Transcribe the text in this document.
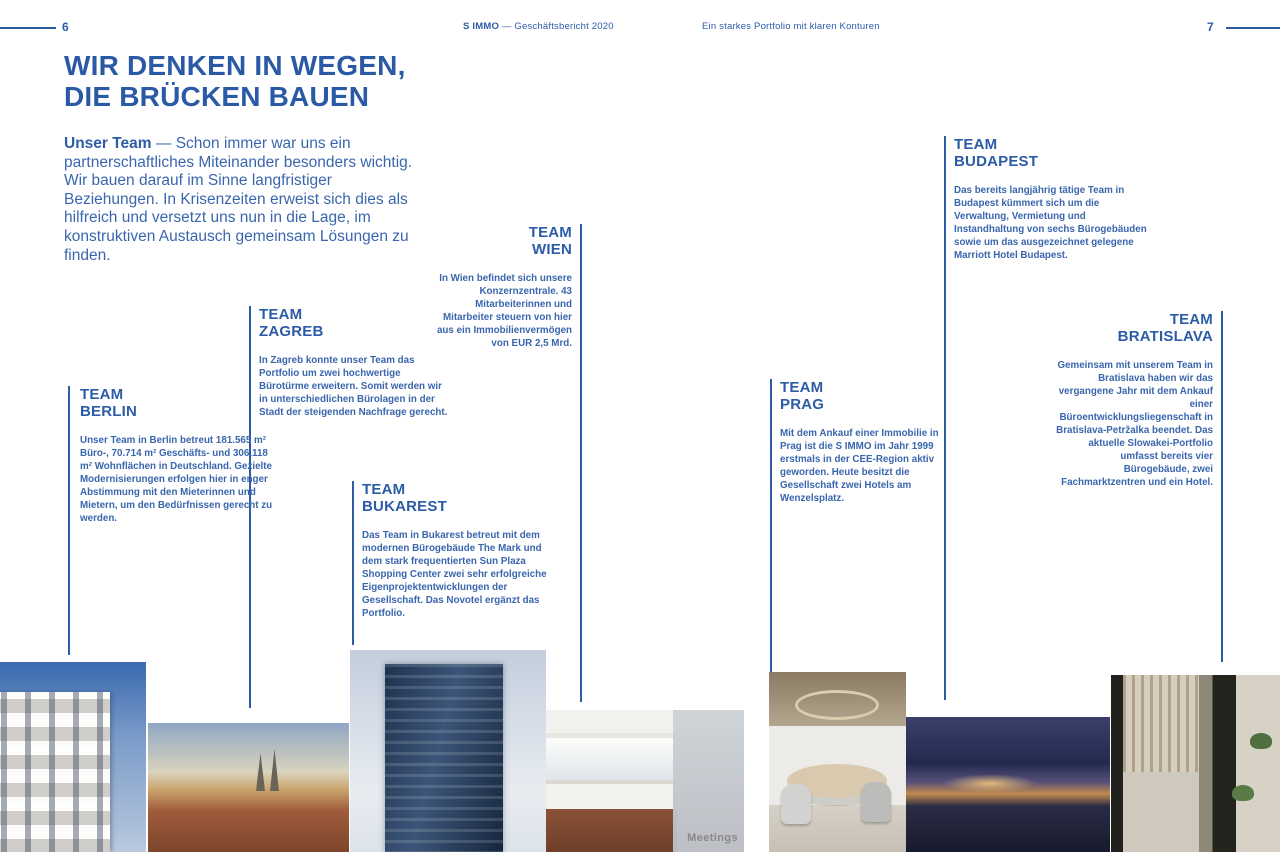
6	S IMMO — Geschäftsbericht 2020	Ein starkes Portfolio mit klaren Konturen	7
WIR DENKEN IN WEGEN,
DIE BRÜCKEN BAUEN

Unser Team — Schon immer war uns ein partnerschaftliches Miteinander besonders wichtig. Wir bauen darauf im Sinne langfristiger Beziehungen. In Krisenzeiten erweist sich dies als hilfreich und versetzt uns nun in die Lage, im konstruktiven Austausch gemeinsam Lösungen zu finden.

TEAM
BERLIN

Unser Team in Berlin betreut 181.565 m² Büro-, 70.714 m² Geschäfts- und 306.118 m² Wohnflächen in Deutschland. Gezielte Modernisierungen erfolgen hier in enger Abstimmung mit den Mieterinnen und Mietern, um den Bedürfnissen gerecht zu werden.

TEAM
ZAGREB

In Zagreb konnte unser Team das Portfolio um zwei hochwertige Bürotürme erweitern. Somit werden wir in unterschiedlichen Bürolagen in der Stadt der steigenden Nachfrage gerecht.

TEAM
BUKAREST

Das Team in Bukarest betreut mit dem modernen Bürogebäude The Mark und dem stark frequentierten Sun Plaza Shopping Center zwei sehr erfolgreiche Eigenprojektentwicklungen der Gesellschaft. Das Novotel ergänzt das Portfolio.

TEAM
WIEN

In Wien befindet sich unsere Konzernzentrale. 43 Mitarbeiterinnen und Mitarbeiter steuern von hier aus ein Immobilienvermögen von EUR 2,5 Mrd.

TEAM
PRAG

Mit dem Ankauf einer Immobilie in Prag ist die S IMMO im Jahr 1999 erstmals in der CEE-Region aktiv geworden. Heute besitzt die Gesellschaft zwei Hotels am Wenzelsplatz.

TEAM
BUDAPEST

Das bereits langjährig tätige Team in Budapest kümmert sich um die Verwaltung, Vermietung und Instandhaltung von sechs Bürogebäuden sowie um das ausgezeichnet gelegene Marriott Hotel Budapest.

TEAM
BRATISLAVA

Gemeinsam mit unserem Team in Bratislava haben wir das vergangene Jahr mit dem Ankauf einer Büroentwicklungsliegenschaft in Bratislava-Petržalka beendet. Das aktuelle Slowakei-Portfolio umfasst bereits vier Bürogebäude, zwei Fachmarktzentren und ein Hotel.

Meetings
